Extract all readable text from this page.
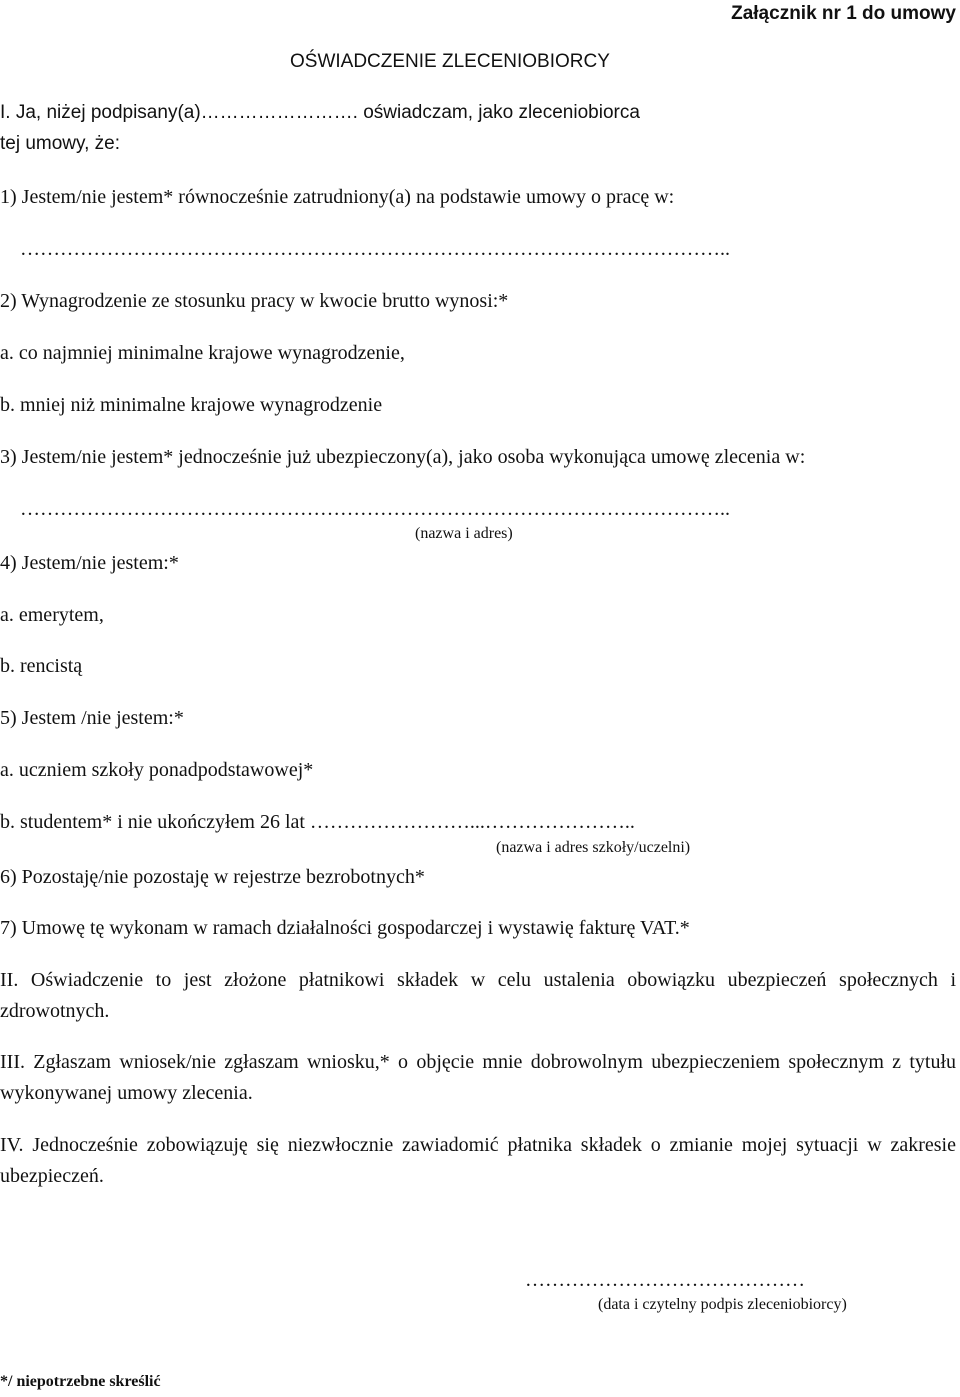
Załącznik nr 1 do umowy
OŚWIADCZENIE ZLECENIOBIORCY
I. Ja, niżej podpisany(a)……………………. oświadczam, jako zleceniobiorca
tej umowy, że:
1) Jestem/nie jestem* równocześnie zatrudniony(a) na podstawie umowy o pracę w:
……………………………………………………………………………………………..
2) Wynagrodzenie ze stosunku pracy w kwocie brutto wynosi:*
a. co najmniej minimalne krajowe wynagrodzenie,
b. mniej niż minimalne krajowe wynagrodzenie
3) Jestem/nie jestem* jednocześnie już ubezpieczony(a), jako osoba wykonująca umowę zlecenia w:
……………………………………………………………………………………………..
(nazwa i adres)
4) Jestem/nie jestem:*
a. emerytem,
b. rencistą
5) Jestem /nie jestem:*
a. uczniem szkoły ponadpodstawowej*
b. studentem* i nie ukończyłem 26 lat ……………………...…………………..
(nazwa i adres szkoły/uczelni)
6) Pozostaję/nie pozostaję w rejestrze bezrobotnych*
7) Umowę tę wykonam w ramach działalności gospodarczej i wystawię fakturę VAT.*

II. Oświadczenie to jest złożone płatnikowi składek w celu ustalenia obowiązku ubezpieczeń społecznych i zdrowotnych.

III. Zgłaszam wniosek/nie zgłaszam wniosku,* o objęcie mnie dobrowolnym ubezpieczeniem społecznym z tytułu wykonywanej umowy zlecenia.

IV. Jednocześnie zobowiązuję się niezwłocznie zawiadomić płatnika składek o zmianie mojej sytuacji w zakresie ubezpieczeń.

……………………………………
(data i czytelny podpis zleceniobiorcy)
*/ niepotrzebne skreślić
